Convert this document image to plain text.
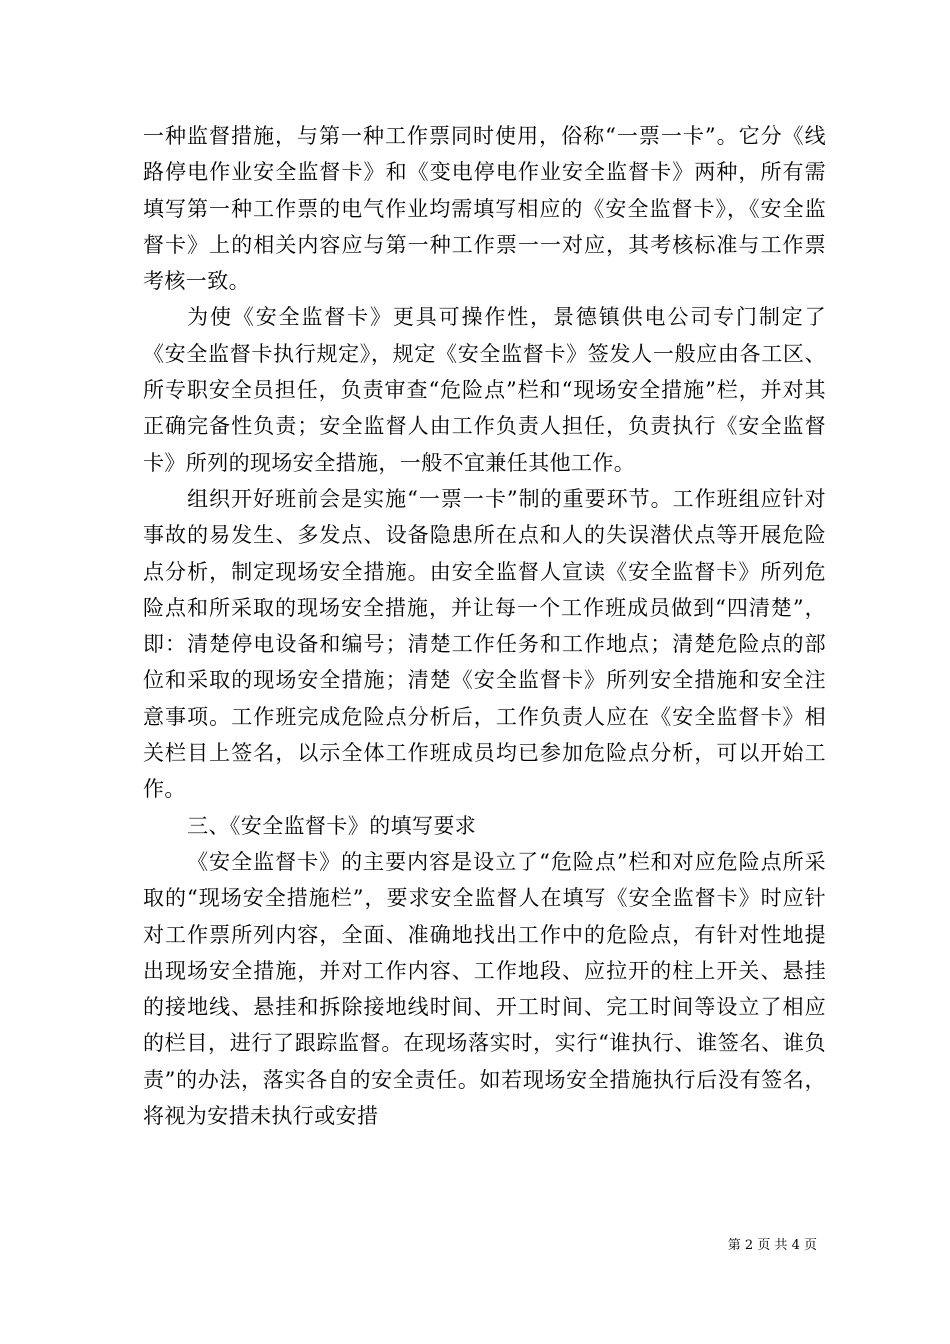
一种监督措施，与第一种工作票同时使用，俗称“一票一卡”。它分《线路停电作业安全监督卡》和《变电停电作业安全监督卡》两种，所有需填写第一种工作票的电气作业均需填写相应的《安全监督卡》，《安全监督卡》上的相关内容应与第一种工作票一一对应，其考核标准与工作票考核一致。

为使《安全监督卡》更具可操作性，景德镇供电公司专门制定了《安全监督卡执行规定》，规定《安全监督卡》签发人一般应由各工区、所专职安全员担任，负责审查“危险点”栏和“现场安全措施”栏，并对其正确完备性负责；安全监督人由工作负责人担任，负责执行《安全监督卡》所列的现场安全措施，一般不宜兼任其他工作。

组织开好班前会是实施“一票一卡”制的重要环节。工作班组应针对事故的易发生、多发点、设备隐患所在点和人的失误潜伏点等开展危险点分析，制定现场安全措施。由安全监督人宣读《安全监督卡》所列危险点和所采取的现场安全措施，并让每一个工作班成员做到“四清楚”，即：清楚停电设备和编号；清楚工作任务和工作地点；清楚危险点的部位和采取的现场安全措施；清楚《安全监督卡》所列安全措施和安全注意事项。工作班完成危险点分析后，工作负责人应在《安全监督卡》相关栏目上签名，以示全体工作班成员均已参加危险点分析，可以开始工作。

三、《安全监督卡》的填写要求

《安全监督卡》的主要内容是设立了“危险点”栏和对应危险点所采取的“现场安全措施栏”，要求安全监督人在填写《安全监督卡》时应针对工作票所列内容，全面、准确地找出工作中的危险点，有针对性地提出现场安全措施，并对工作内容、工作地段、应拉开的柱上开关、悬挂的接地线、悬挂和拆除接地线时间、开工时间、完工时间等设立了相应的栏目，进行了跟踪监督。在现场落实时，实行“谁执行、谁签名、谁负责”的办法，落实各自的安全责任。如若现场安全措施执行后没有签名，将视为安措未执行或安措

第 2 页 共 4 页
